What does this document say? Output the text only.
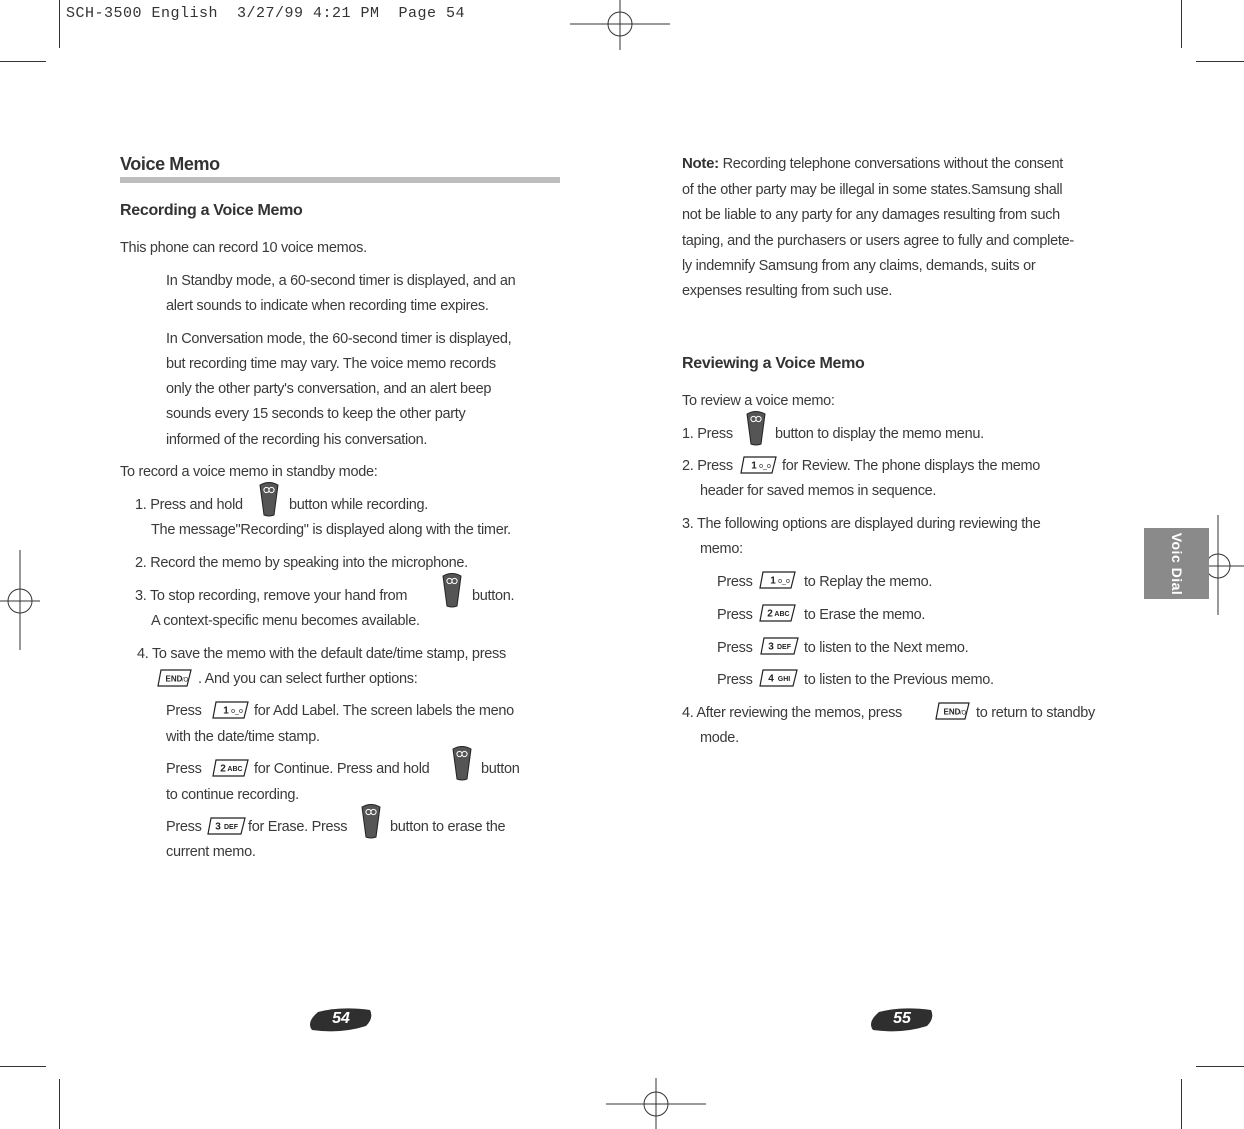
SCH-3500 English  3/27/99 4:21 PM  Page 54
Voice Memo
Recording a Voice Memo
This phone can record 10 voice memos.
In Standby mode, a 60-second timer is displayed, and an
alert sounds to indicate when recording time expires.
In Conversation mode, the 60-second timer is displayed,
but recording time may vary. The voice memo records
only the other party's conversation, and an alert beep
sounds every 15 seconds to keep the other party
informed of the recording his conversation.
To record a voice memo in standby mode:
1. Press and hold	button while recording.
The message"Recording" is displayed along with the timer.
2. Record the memo by speaking into the microphone.
3. To stop recording, remove your hand from	button.
A context-specific menu becomes available.
4. To save the memo with the default date/time stamp, press
END /O . And you can select further options:
Press 1 o_o for Add Label. The screen labels the meno
with the date/time stamp.
Press 2 ABC for Continue. Press and hold	button
to continue recording.
Press 3 DEF for Erase. Press	button to erase the
current memo.
54
Note: Recording telephone conversations without the consent
of the other party may be illegal in some states.Samsung shall
not be liable to any party for any damages resulting from such
taping, and the purchasers or users agree to fully and complete-
ly indemnify Samsung from any claims, demands, suits or
expenses resulting from such use.
Reviewing a Voice Memo
To review a voice memo:
1. Press	button to display the memo menu.
2. Press 1 o_o for Review. The phone displays the memo
header for saved memos in sequence.
3. The following options are displayed during reviewing the
memo:
Press 1 o_o to Replay the memo.
Press 2 ABC to Erase the memo.
Press 3 DEF to listen to the Next memo.
Press 4 GHI to listen to the Previous memo.
4. After reviewing the memos, press	END /O to return to standby
mode.
Voic Dial
55
